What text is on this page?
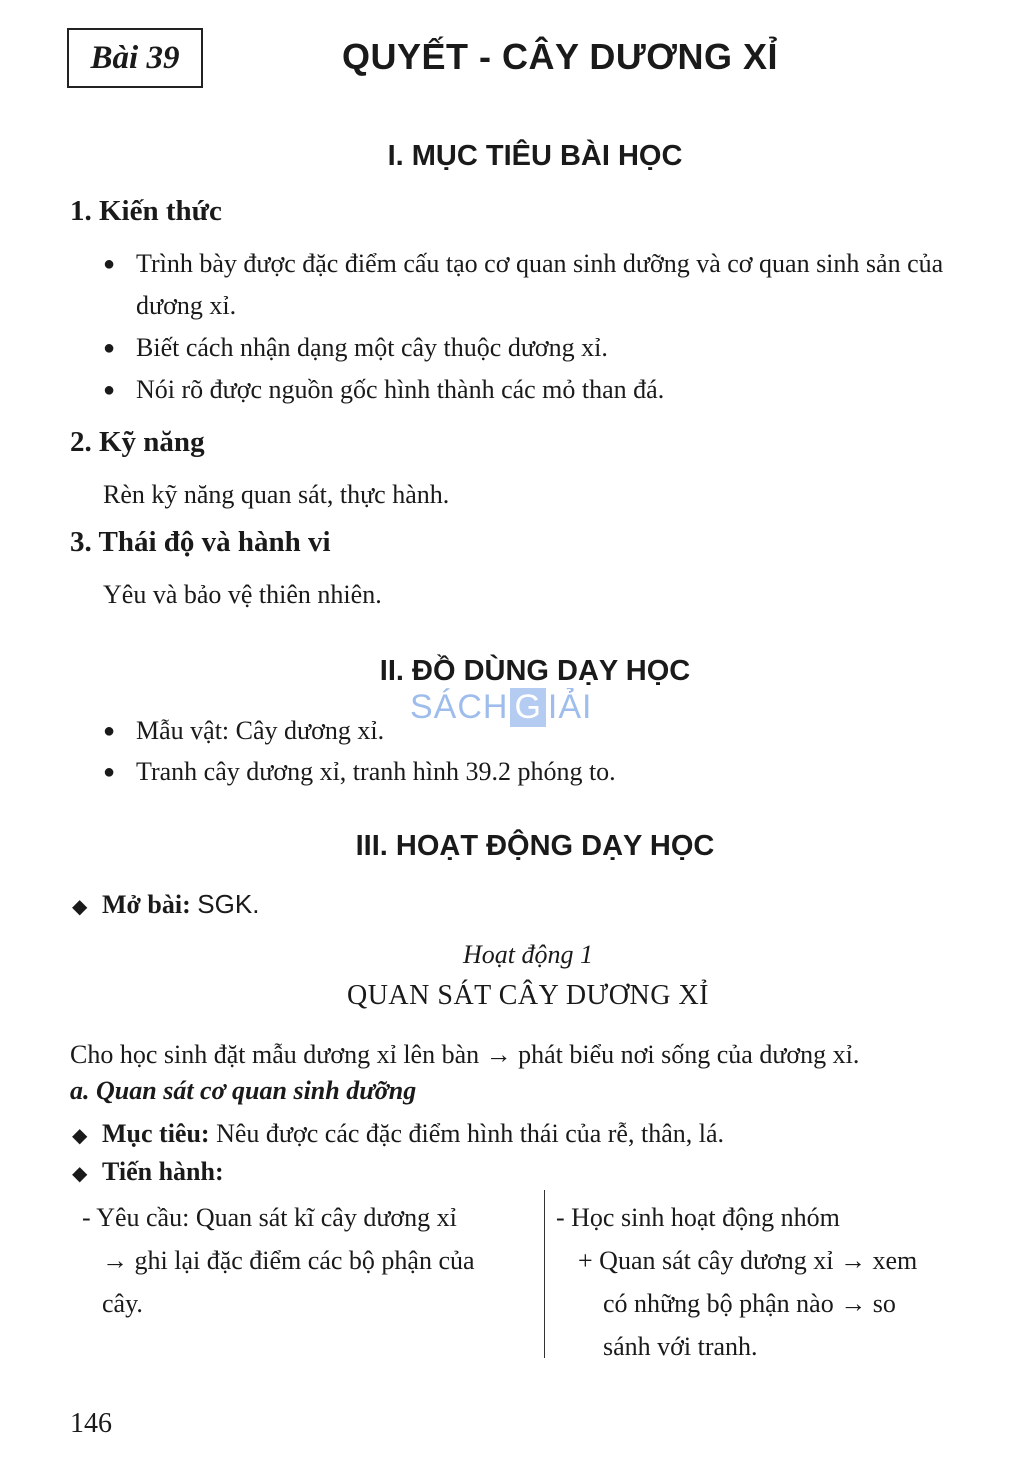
Bài 39	QUYẾT - CÂY DƯƠNG XỈ
I. MỤC TIÊU BÀI HỌC
1. Kiến thức
● Trình bày được đặc điểm cấu tạo cơ quan sinh dưỡng và cơ quan sinh sản của dương xỉ.
● Biết cách nhận dạng một cây thuộc dương xỉ.
● Nói rõ được nguồn gốc hình thành các mỏ than đá.
2. Kỹ năng
Rèn kỹ năng quan sát, thực hành.
3. Thái độ và hành vi
Yêu và bảo vệ thiên nhiên.
II. ĐỒ DÙNG DẠY HỌC
● Mẫu vật: Cây dương xỉ.
● Tranh cây dương xỉ, tranh hình 39.2 phóng to.
SÁCH G IẢI
III. HOẠT ĐỘNG DẠY HỌC
◆ Mở bài: SGK.
Hoạt động 1
QUAN SÁT CÂY DƯƠNG XỈ
Cho học sinh đặt mẫu dương xỉ lên bàn → phát biểu nơi sống của dương xỉ.
a. Quan sát cơ quan sinh dưỡng
◆ Mục tiêu: Nêu được các đặc điểm hình thái của rễ, thân, lá.
◆ Tiến hành:
- Yêu cầu: Quan sát kĩ cây dương xỉ
→ ghi lại đặc điểm các bộ phận của
cây.
- Học sinh hoạt động nhóm
+ Quan sát cây dương xỉ → xem
có những bộ phận nào → so
sánh với tranh.
146
